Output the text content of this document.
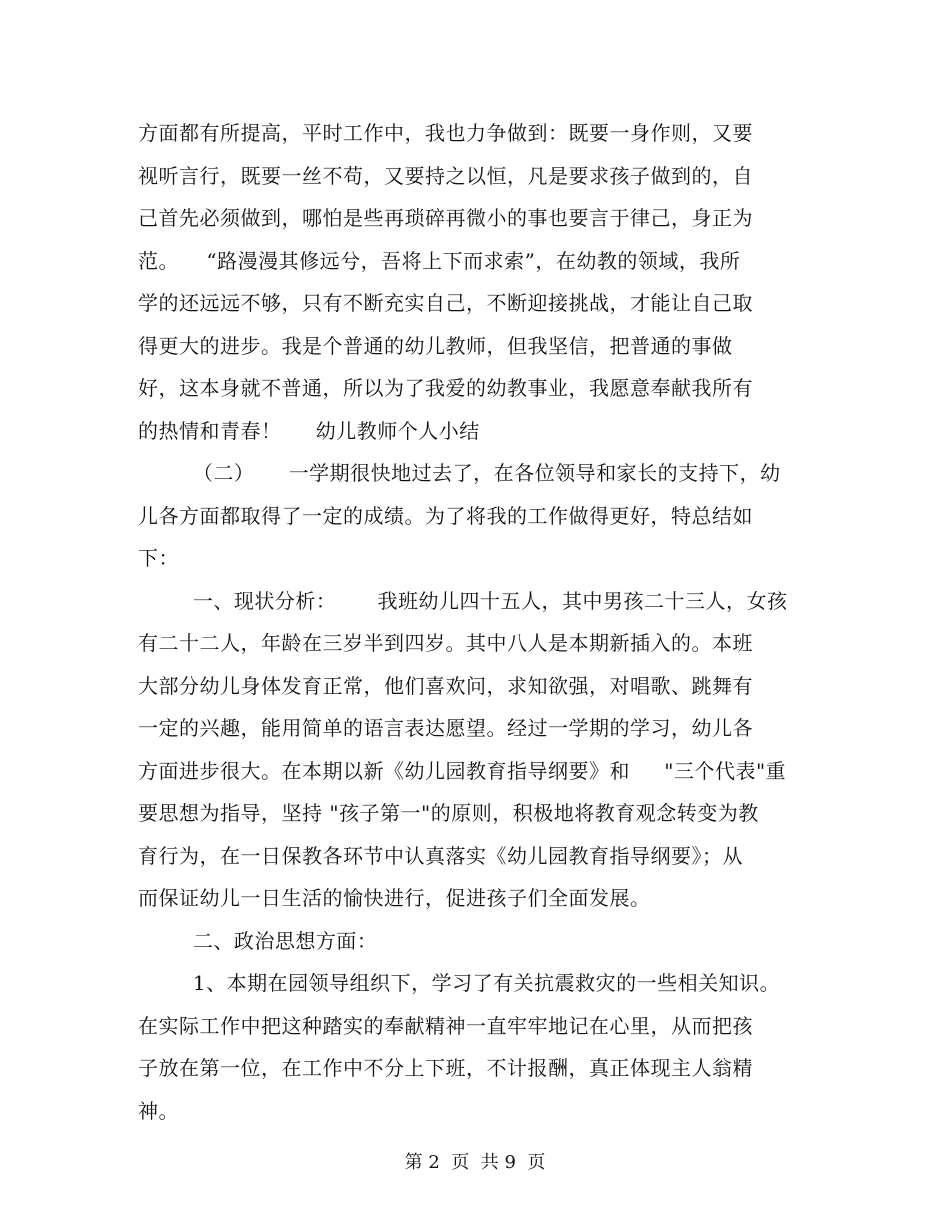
方面都有所提高，平时工作中，我也力争做到：既要一身作则，又要
视听言行，既要一丝不苟，又要持之以恒，凡是要求孩子做到的，自
己首先必须做到，哪怕是些再琐碎再微小的事也要言于律己，身正为
范。    “路漫漫其修远兮，吾将上下而求索”，在幼教的领域，我所
学的还远远不够，只有不断充实自己，不断迎接挑战，才能让自己取
得更大的进步。我是个普通的幼儿教师，但我坚信，把普通的事做
好，这本身就不普通，所以为了我爱的幼教事业，我愿意奉献我所有
的热情和青春！     幼儿教师个人小结
（二）     一学期很快地过去了，在各位领导和家长的支持下，幼
儿各方面都取得了一定的成绩。为了将我的工作做得更好，特总结如
下：
一、现状分析：      我班幼儿四十五人，其中男孩二十三人，女孩
有二十二人，年龄在三岁半到四岁。其中八人是本期新插入的。本班
大部分幼儿身体发育正常，他们喜欢问，求知欲强，对唱歌、跳舞有
一定的兴趣，能用简单的语言表达愿望。经过一学期的学习，幼儿各
方面进步很大。在本期以新《幼儿园教育指导纲要》和     "三个代表"重
要思想为指导，坚持 "孩子第一"的原则，积极地将教育观念转变为教
育行为，在一日保教各环节中认真落实《幼儿园教育指导纲要》；从
而保证幼儿一日生活的愉快进行，促进孩子们全面发展。
二、政治思想方面：
1、本期在园领导组织下，学习了有关抗震救灾的一些相关知识。
在实际工作中把这种踏实的奉献精神一直牢牢地记在心里，从而把孩
子放在第一位，在工作中不分上下班，不计报酬，真正体现主人翁精
神。
第 2  页  共 9  页
